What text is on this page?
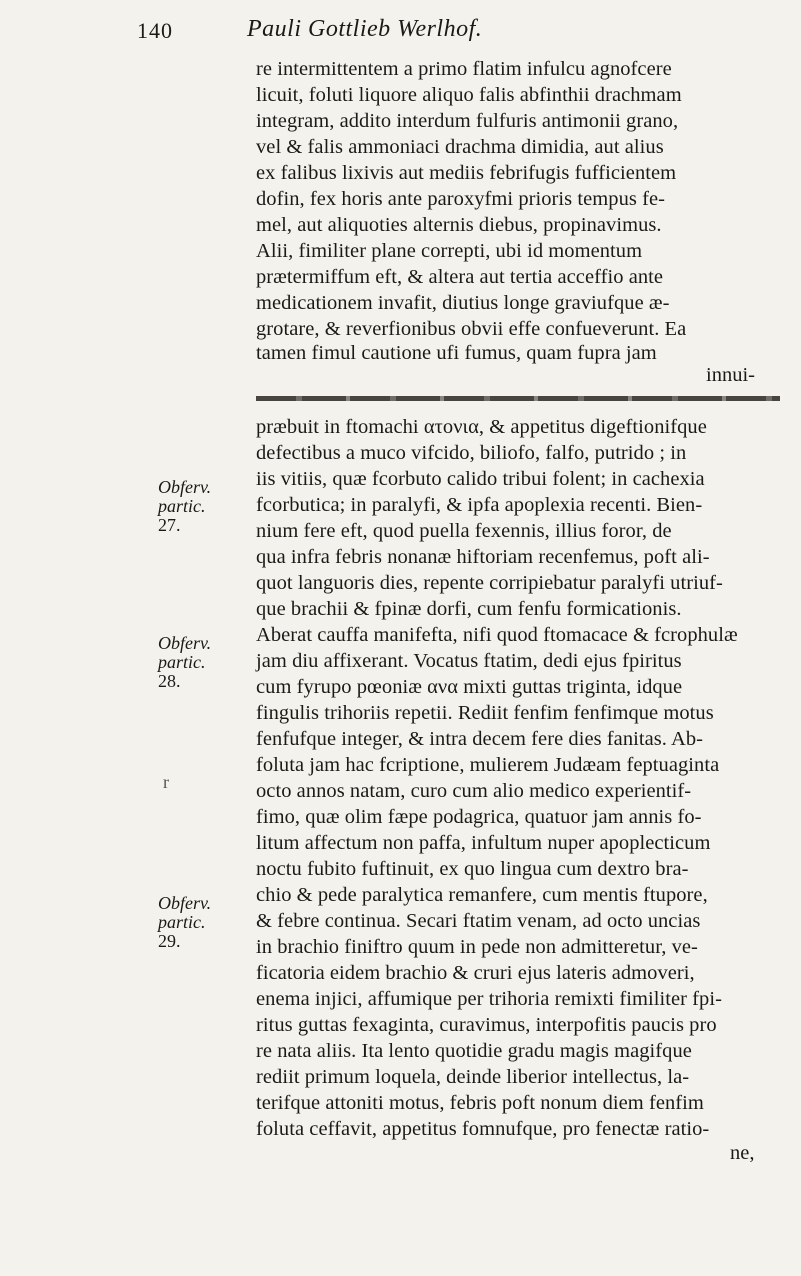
140	Pauli Gottlieb Werlhof.
re intermittentem a primo flatim infulcu agnofcere
licuit, foluti liquore aliquo falis abfinthii drachmam
integram, addito interdum fulfuris antimonii grano,
vel & falis ammoniaci drachma dimidia, aut alius
ex falibus lixivis aut mediis febrifugis fufficientem
dofin, fex horis ante paroxyfmi prioris tempus fe-
mel, aut aliquoties alternis diebus, propinavimus.
Alii, fimiliter plane correpti, ubi id momentum
prætermiffum eft, & altera aut tertia acceffio ante
medicationem invafit, diutius longe graviufque æ-
grotare, & reverfionibus obvii effe confueverunt. Ea
tamen fimul cautione ufi fumus, quam fupra jam
innui-
præbuit in ftomachi ατονια, & appetitus digeftionifque
defectibus a muco vifcido, biliofo, falfo, putrido ; in
iis vitiis, quæ fcorbuto calido tribui folent; in cachexia
fcorbutica; in paralyfi, & ipfa apoplexia recenti. Bien-
nium fere eft, quod puella fexennis, illius foror, de
qua infra febris nonanæ hiftoriam recenfemus, poft ali-
quot languoris dies, repente corripiebatur paralyfi utriuf-
que brachii & fpinæ dorfi, cum fenfu formicationis.
Aberat cauffa manifefta, nifi quod ftomacace & fcrophulæ
jam diu affixerant. Vocatus ftatim, dedi ejus fpiritus
cum fyrupo pœoniæ ανα mixti guttas triginta, idque
fingulis trihoriis repetii. Rediit fenfim fenfimque motus
fenfufque integer, & intra decem fere dies fanitas. Ab-
foluta jam hac fcriptione, mulierem Judæam feptuaginta
octo annos natam, curo cum alio medico experientif-
fimo, quæ olim fæpe podagrica, quatuor jam annis fo-
litum affectum non paffa, infultum nuper apoplecticum
noctu fubito fuftinuit, ex quo lingua cum dextro bra-
chio & pede paralytica remanfere, cum mentis ftupore,
& febre continua. Secari ftatim venam, ad octo uncias
in brachio finiftro quum in pede non admitteretur, ve-
ficatoria eidem brachio & cruri ejus lateris admoveri,
enema injici, affumique per trihoria remixti fimiliter fpi-
ritus guttas fexaginta, curavimus, interpofitis paucis pro
re nata aliis. Ita lento quotidie gradu magis magifque
rediit primum loquela, deinde liberior intellectus, la-
terifque attoniti motus, febris poft nonum diem fenfim
foluta ceffavit, appetitus fomnufque, pro fenectæ ratio-
ne,
Obferv. partic.
27.
Obferv. partic.
28.
Obferv. partic.
29.
r
